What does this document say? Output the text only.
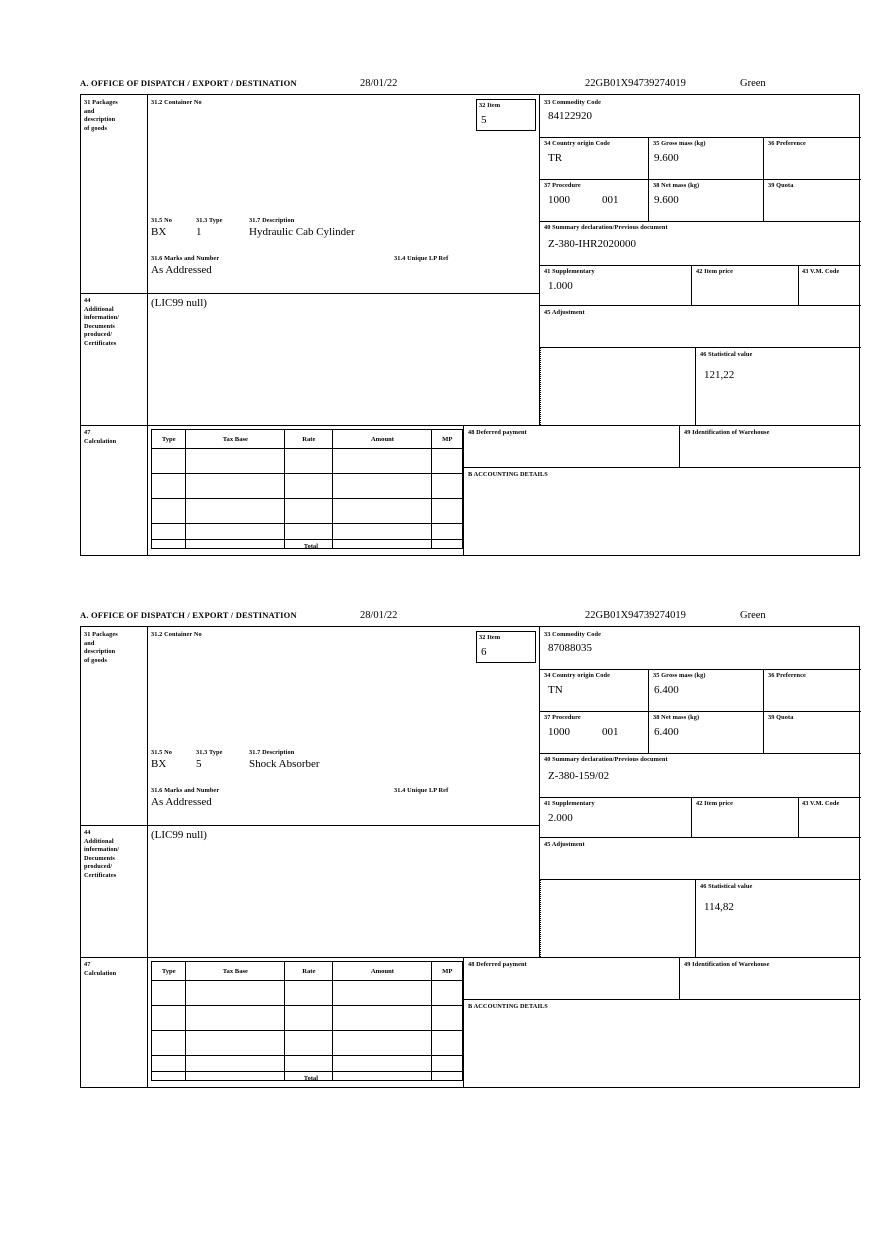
A. OFFICE OF DISPATCH / EXPORT / DESTINATION	28/01/22	22GB01X94739274019	Green
31 Packages
and
description
of goods
31.2 Container No
31.5 No	31.3 Type	31.7 Description
BX	1	Hydraulic Cab Cylinder
31.6 Marks and Number	31.4 Unique LP Ref
As Addressed
32 Item
5
33 Commodity Code
84122920
34 Country origin Code
TR
35 Gross mass (kg)
9.600
36 Preference
37 Procedure
1000	001
38 Net mass (kg)
9.600
39 Quota
40 Summary declaration/Previous document
Z-380-IHR2020000
41 Supplementary
1.000
42 Item price	43 V.M. Code
45 Adjustment
46 Statistical value
121,22
44
Additional
information/
Documents
produced/
Certificates
(LIC99 null)
47
Calculation	Type	Tax Base	Rate	Amount	MP

Total
48 Deferred payment	49 Identification of Warehouse
B ACCOUNTING DETAILS
A. OFFICE OF DISPATCH / EXPORT / DESTINATION	28/01/22	22GB01X94739274019	Green
31 Packages
and
description
of goods
31.2 Container No
31.5 No	31.3 Type	31.7 Description
BX	5	Shock Absorber
31.6 Marks and Number	31.4 Unique LP Ref
As Addressed
32 Item
6
33 Commodity Code
87088035
34 Country origin Code
TN
35 Gross mass (kg)
6.400
36 Preference
37 Procedure
1000	001
38 Net mass (kg)
6.400
39 Quota
40 Summary declaration/Previous document
Z-380-159/02
41 Supplementary
2.000
42 Item price	43 V.M. Code
45 Adjustment
46 Statistical value
114,82
44
Additional
information/
Documents
produced/
Certificates
(LIC99 null)
47
Calculation	Type	Tax Base	Rate	Amount	MP

Total
48 Deferred payment	49 Identification of Warehouse
B ACCOUNTING DETAILS
